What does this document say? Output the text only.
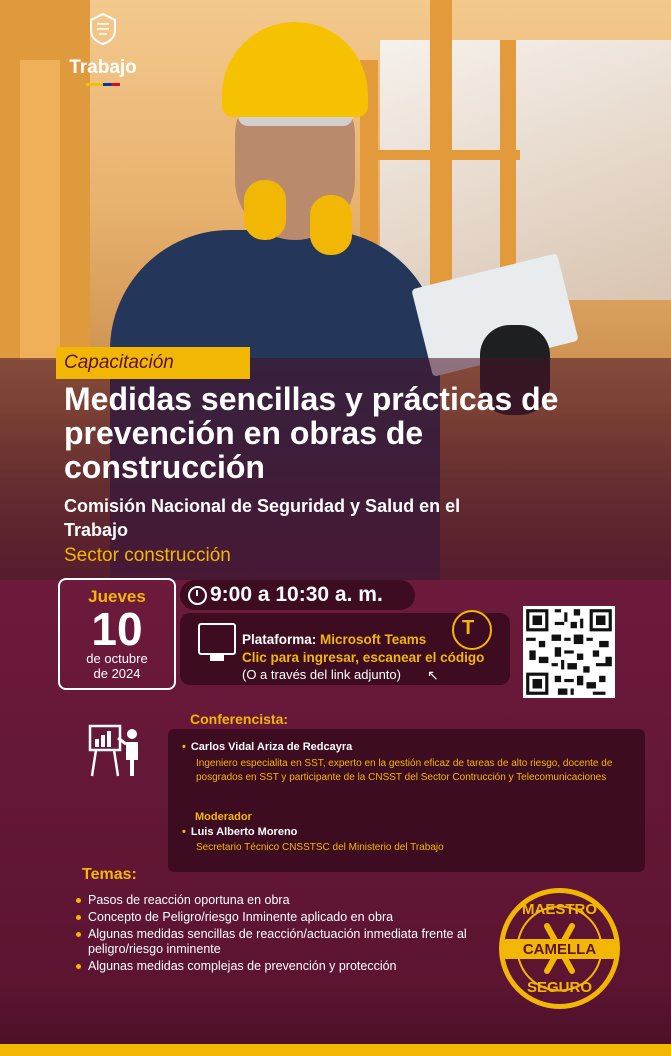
Trabajo
Capacitación
Medidas sencillas y prácticas de prevención en obras de construcción
Comisión Nacional de Seguridad y Salud en el Trabajo
Sector construcción
Jueves
10
de octubre
de 2024
9:00 a 10:30 a. m.
Plataforma: Microsoft Teams
Clic para ingresar, escanear el código
(O a través del link adjunto)
T
↖
Conferencista:
• Carlos Vidal Ariza de Redcayra
Ingeniero especialita en SST, experto en la gestión eficaz de tareas de alto riesgo, docente de posgrados en SST y participante de la CNSST del Sector Contrucción y Telecomunicaciones
Moderador
• Luis Alberto Moreno
Secretario Técnico CNSSTSC del Ministerio del Trabajo
Temas:
Pasos de reacción oportuna en obra
Concepto de Peligro/riesgo Inminente aplicado en obra
Algunas medidas sencillas de reacción/actuación inmediata frente al peligro/riesgo inminente
Algunas medidas complejas de prevención y protección
CAMELLA
MAESTRO
SEGURO
